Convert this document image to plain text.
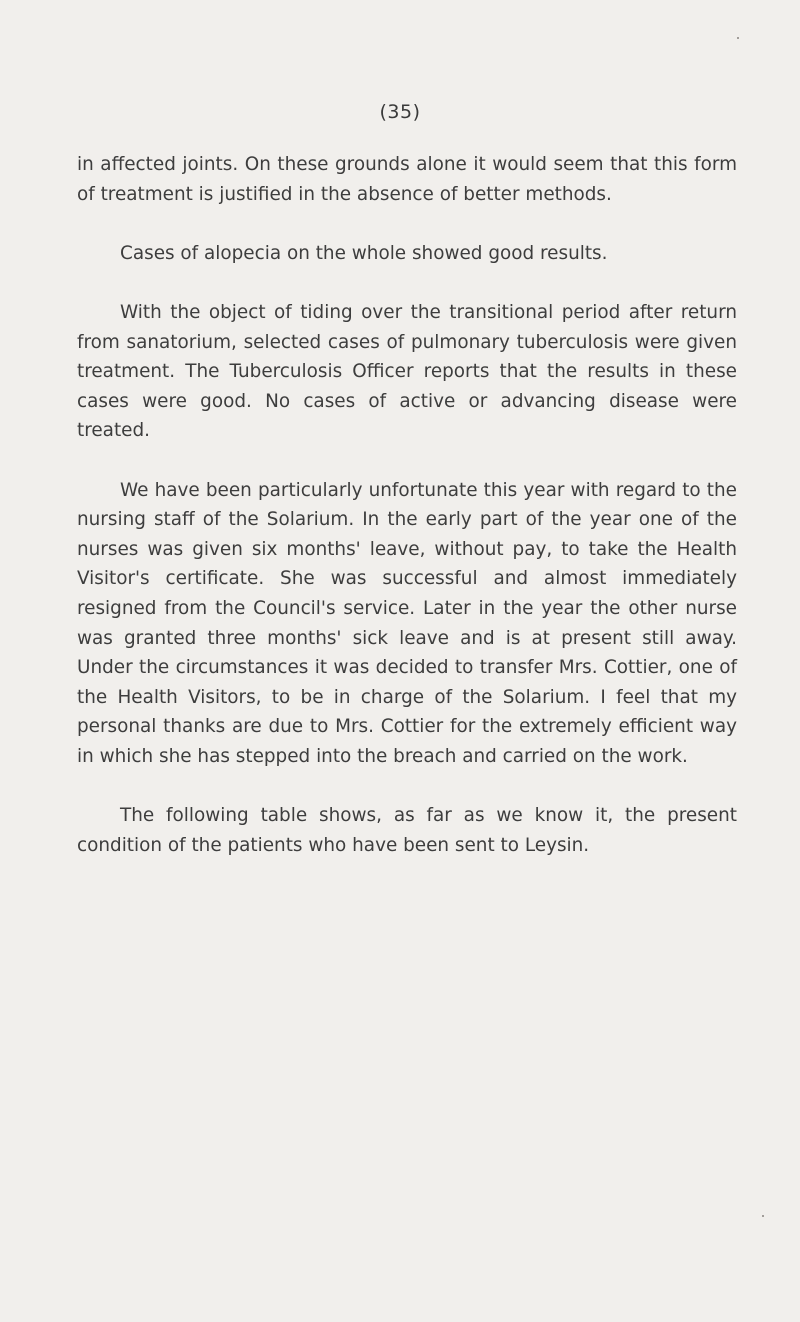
(35)

in affected joints. On these grounds alone it would seem that this form of treatment is justified in the absence of better methods.

Cases of alopecia on the whole showed good results.

With the object of tiding over the transitional period after return from sanatorium, selected cases of pulmonary tuberculosis were given treatment. The Tuberculosis Officer reports that the results in these cases were good. No cases of active or advancing disease were treated.

We have been particularly unfortunate this year with regard to the nursing staff of the Solarium. In the early part of the year one of the nurses was given six months' leave, without pay, to take the Health Visitor's certificate. She was successful and almost immediately resigned from the Council's service. Later in the year the other nurse was granted three months' sick leave and is at present still away. Under the circumstances it was decided to transfer Mrs. Cottier, one of the Health Visitors, to be in charge of the Solarium. I feel that my personal thanks are due to Mrs. Cottier for the extremely efficient way in which she has stepped into the breach and carried on the work.

The following table shows, as far as we know it, the present condition of the patients who have been sent to Leysin.
